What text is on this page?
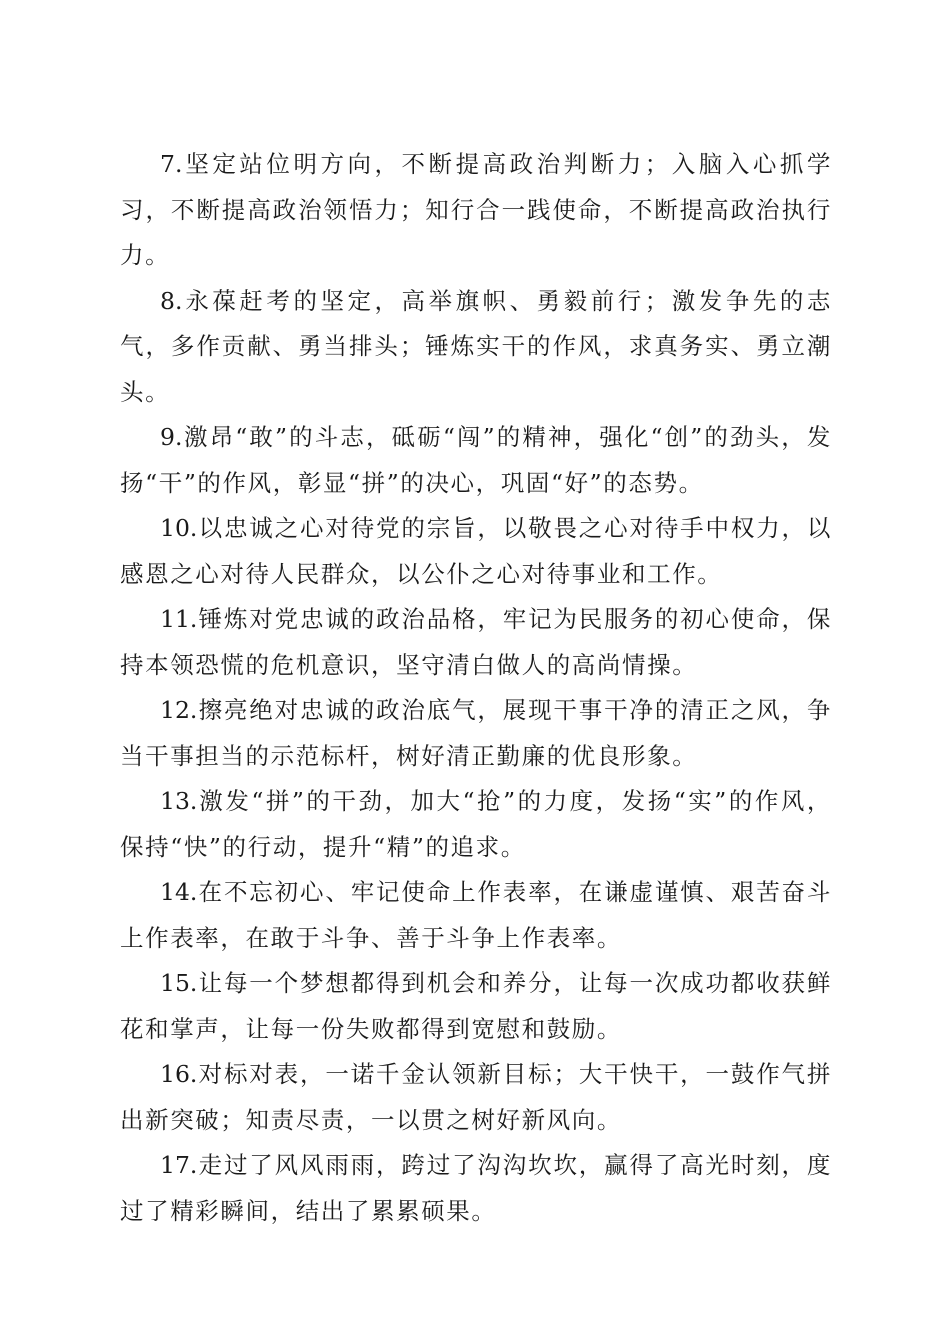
7.坚定站位明方向，不断提高政治判断力；入脑入心抓学习，不断提高政治领悟力；知行合一践使命，不断提高政治执行力。

8.永葆赶考的坚定，高举旗帜、勇毅前行；激发争先的志气，多作贡献、勇当排头；锤炼实干的作风，求真务实、勇立潮头。

9.激昂“敢”的斗志，砥砺“闯”的精神，强化“创”的劲头，发扬“干”的作风，彰显“拼”的决心，巩固“好”的态势。

10.以忠诚之心对待党的宗旨，以敬畏之心对待手中权力，以感恩之心对待人民群众，以公仆之心对待事业和工作。

11.锤炼对党忠诚的政治品格，牢记为民服务的初心使命，保持本领恐慌的危机意识，坚守清白做人的高尚情操。

12.擦亮绝对忠诚的政治底气，展现干事干净的清正之风，争当干事担当的示范标杆，树好清正勤廉的优良形象。

13.激发“拼”的干劲，加大“抢”的力度，发扬“实”的作风，保持“快”的行动，提升“精”的追求。

14.在不忘初心、牢记使命上作表率，在谦虚谨慎、艰苦奋斗上作表率，在敢于斗争、善于斗争上作表率。

15.让每一个梦想都得到机会和养分，让每一次成功都收获鲜花和掌声，让每一份失败都得到宽慰和鼓励。

16.对标对表，一诺千金认领新目标；大干快干，一鼓作气拼出新突破；知责尽责，一以贯之树好新风向。

17.走过了风风雨雨，跨过了沟沟坎坎，赢得了高光时刻，度过了精彩瞬间，结出了累累硕果。
